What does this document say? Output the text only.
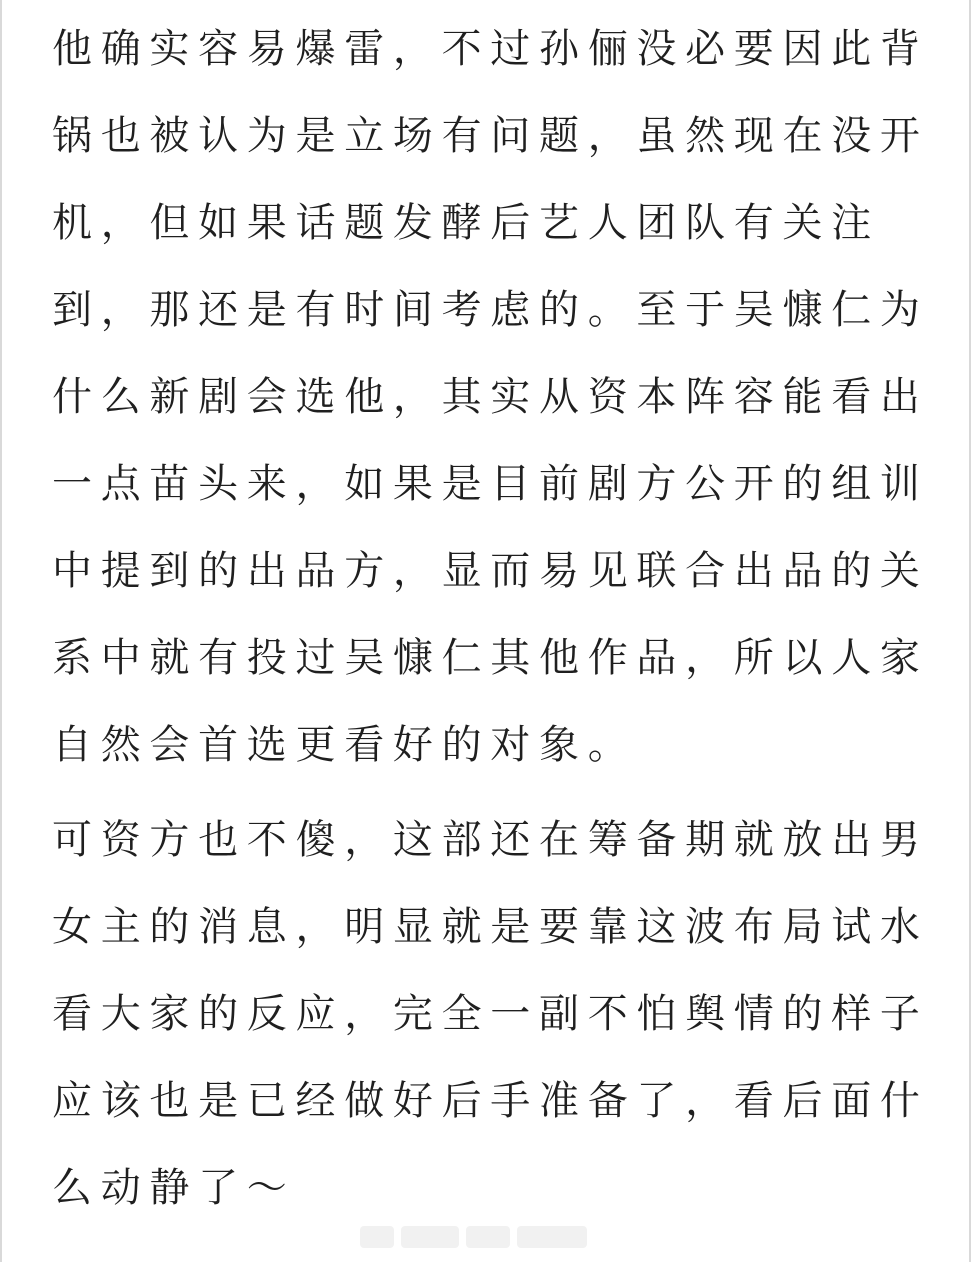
他确实容易爆雷，不过孙俪没必要因此背
锅也被认为是立场有问题，虽然现在没开
机，但如果话题发酵后艺人团队有关注
到，那还是有时间考虑的。至于吴慷仁为
什么新剧会选他，其实从资本阵容能看出
一点苗头来，如果是目前剧方公开的组训
中提到的出品方，显而易见联合出品的关
系中就有投过吴慷仁其他作品，所以人家
自然会首选更看好的对象。
可资方也不傻，这部还在筹备期就放出男
女主的消息，明显就是要靠这波布局试水
看大家的反应，完全一副不怕舆情的样子
应该也是已经做好后手准备了，看后面什
么动静了～
